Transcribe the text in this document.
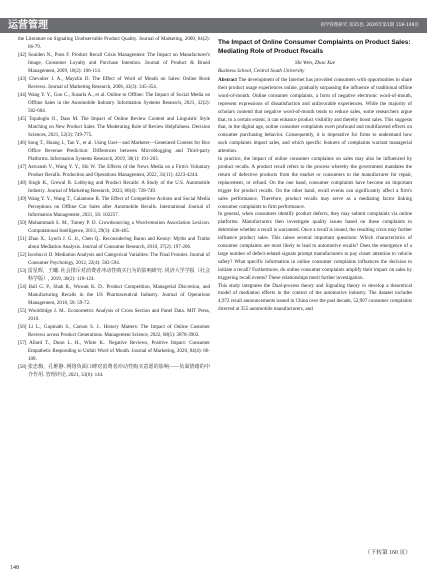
运营管理	商学管理研究 第35卷, 2026年第1期 118-148页

the Literature on Signaling Unobservable Product Quality. Journal of Marketing, 2000, 64(2): 66-79.

[42] Souiden N., Pons F. Product Recall Crisis Management: The Impact on Manufacturer's Image, Consumer Loyalty and Purchase Intention. Journal of Product & Brand Management, 2009, 18(2): 106-114.

[43] Chevalier J. A., Mayzlin D. The Effect of Word of Mouth on Sales: Online Book Reviews. Journal of Marketing Research, 2006, 43(3): 345-354.

[44] Wang Y. Y., Guo C., Susarla A., et al. Online to Offline: The Impact of Social Media on Offline Sales in the Automobile Industry. Information Systems Research, 2021, 32(2): 582-604.

[45] Topaloglu O., Dass M. The Impact of Online Review Content and Linguistic Style Matching on New Product Sales: The Moderating Role of Review Helpfulness. Decision Sciences, 2021, 52(3): 749-775.

[46] Song T., Huang J., Tan Y., et al. Using User—and Marketer—Generated Content for Box Office Revenue Prediction: Differences between Microblogging and Third-party Platforms. Information Systems Research, 2019, 30(1): 191-203.

[47] Astvansh V., Wang Y. Y., Shi W. The Effects of the News Media on a Firm's Voluntary Product Recalls. Production and Operations Management, 2022, 31(11): 4223-4244.

[48] Singh K., Grewal R. Lobbying and Product Recalls: A Study of the U.S. Automobile Industry. Journal of Marketing Research, 2023, 60(4): 728-749.

[49] Wang Y. Y., Wang T., Calantone R. The Effect of Competitive Actions and Social Media Perceptions on Offline Car Sales after Automobile Recalls. International Journal of Information Management, 2021, 56: 102257.

[50] Mohammadi S. M., Tumey P. D. Crowdsourcing a Word-emotion Association Lexicon. Computational Intelligence, 2013, 29(3): 436-465.

[51] Zhao X., Lynch J. G. Jr., Chen Q.. Reconsidering Baron and Kenny: Myths and Truths about Mediation Analysis. Journal of Consumer Research, 2010, 37(2): 197-206.

[52] Iacobucci D. Mediation Analysis and Categorical Variables: The Final Frontier. Journal of Consumer Psychology, 2012, 22(4): 582-594.

[53] 雷星晖，王曦. 社会排斥对消费者冲动性购买行为的影响研究. 同济大学学报（社会科学版）, 2019, 30(2): 118-124.

[54] Ball G. P., Shah R., Wowak K. D.. Product Competition, Managerial Discretion, and Manufacturing Recalls in the US Pharmaceutical Industry. Journal of Operations Management, 2018, 58: 59-72.

[55] Wooldridge J. M.. Econometric Analysis of Cross Section and Panel Data. MIT Press, 2010.

[56] Li L., Gopinath S., Carson S. J.. History Matters: The Impact of Online Customer Reviews across Product Generations. Management Science, 2022, 68(5): 3878-3903.

[57] Allard T., Dunn L. H., White K.. Negative Reviews, Positive Impact: Consumer Empathetic Responding to Unfair Word of Mouth. Journal of Marketing, 2020, 84(4): 86-108.

[58] 张忠梅，孔维静. 网络负面口碑对消费者冲动性购买意愿的影响——负面情绪的中介作用. 管理评论, 2021, 33(6): 144.

The Impact of Online Consumer Complaints on Product Sales: Mediating Role of Product Recalls

Shi Wen, Zhao Xue

Business School, Central South University

Abstract The development of the Internet has provided consumers with opportunities to share their product usage experiences online, gradually surpassing the influence of traditional offline word-of-mouth. Online consumer complaints, a form of negative electronic word-of-mouth, represent expressions of dissatisfaction and unfavorable experiences. While the majority of scholars contend that negative word-of-mouth tends to reduce sales, some researchers argue that, to a certain extent, it can enhance product visibility and thereby boost sales. This suggests that, in the digital age, online consumer complaints exert profound and multifaceted effects on consumer purchasing behavior. Consequently, it is imperative for firms to understand how such complaints impact sales, and which specific features of complaints warrant managerial attention.

In practice, the impact of online consumer complaints on sales may also be influenced by product recalls. A product recall refers to the process whereby the government mandates the return of defective products from the market or consumers to the manufacturer for repair, replacement, or refund. On the one hand, consumer complaints have become an important trigger for product recalls. On the other hand, recall events can significantly affect a firm's sales performance. Therefore, product recalls may serve as a mediating factor linking consumer complaints to firm performance.

In general, when consumers identify product defects, they may submit complaints via online platforms. Manufacturers then investigate quality issues based on these complaints to determine whether a recall is warranted. Once a recall is issued, the resulting crisis may further influence product sales. This raises several important questions: Which characteristics of consumer complaints are most likely to lead to automotive recalls? Does the emergence of a large number of defect-related signals prompt manufacturers to pay closer attention to vehicle safety? What specific information in online consumer complaints influences the decision to initiate a recall? Furthermore, do online consumer complaints amplify their impact on sales by triggering recall events? These relationships merit further investigation.

This study integrates the Dual-process theory and Signaling theory to develop a theoretical model of mediation effects in the context of the automotive industry. The dataset includes 4,972 recall announcements issued in China over the past decade, 52,907 consumer complaints directed at 355 automobile manufacturers, and

（下转第 160 页）
148
